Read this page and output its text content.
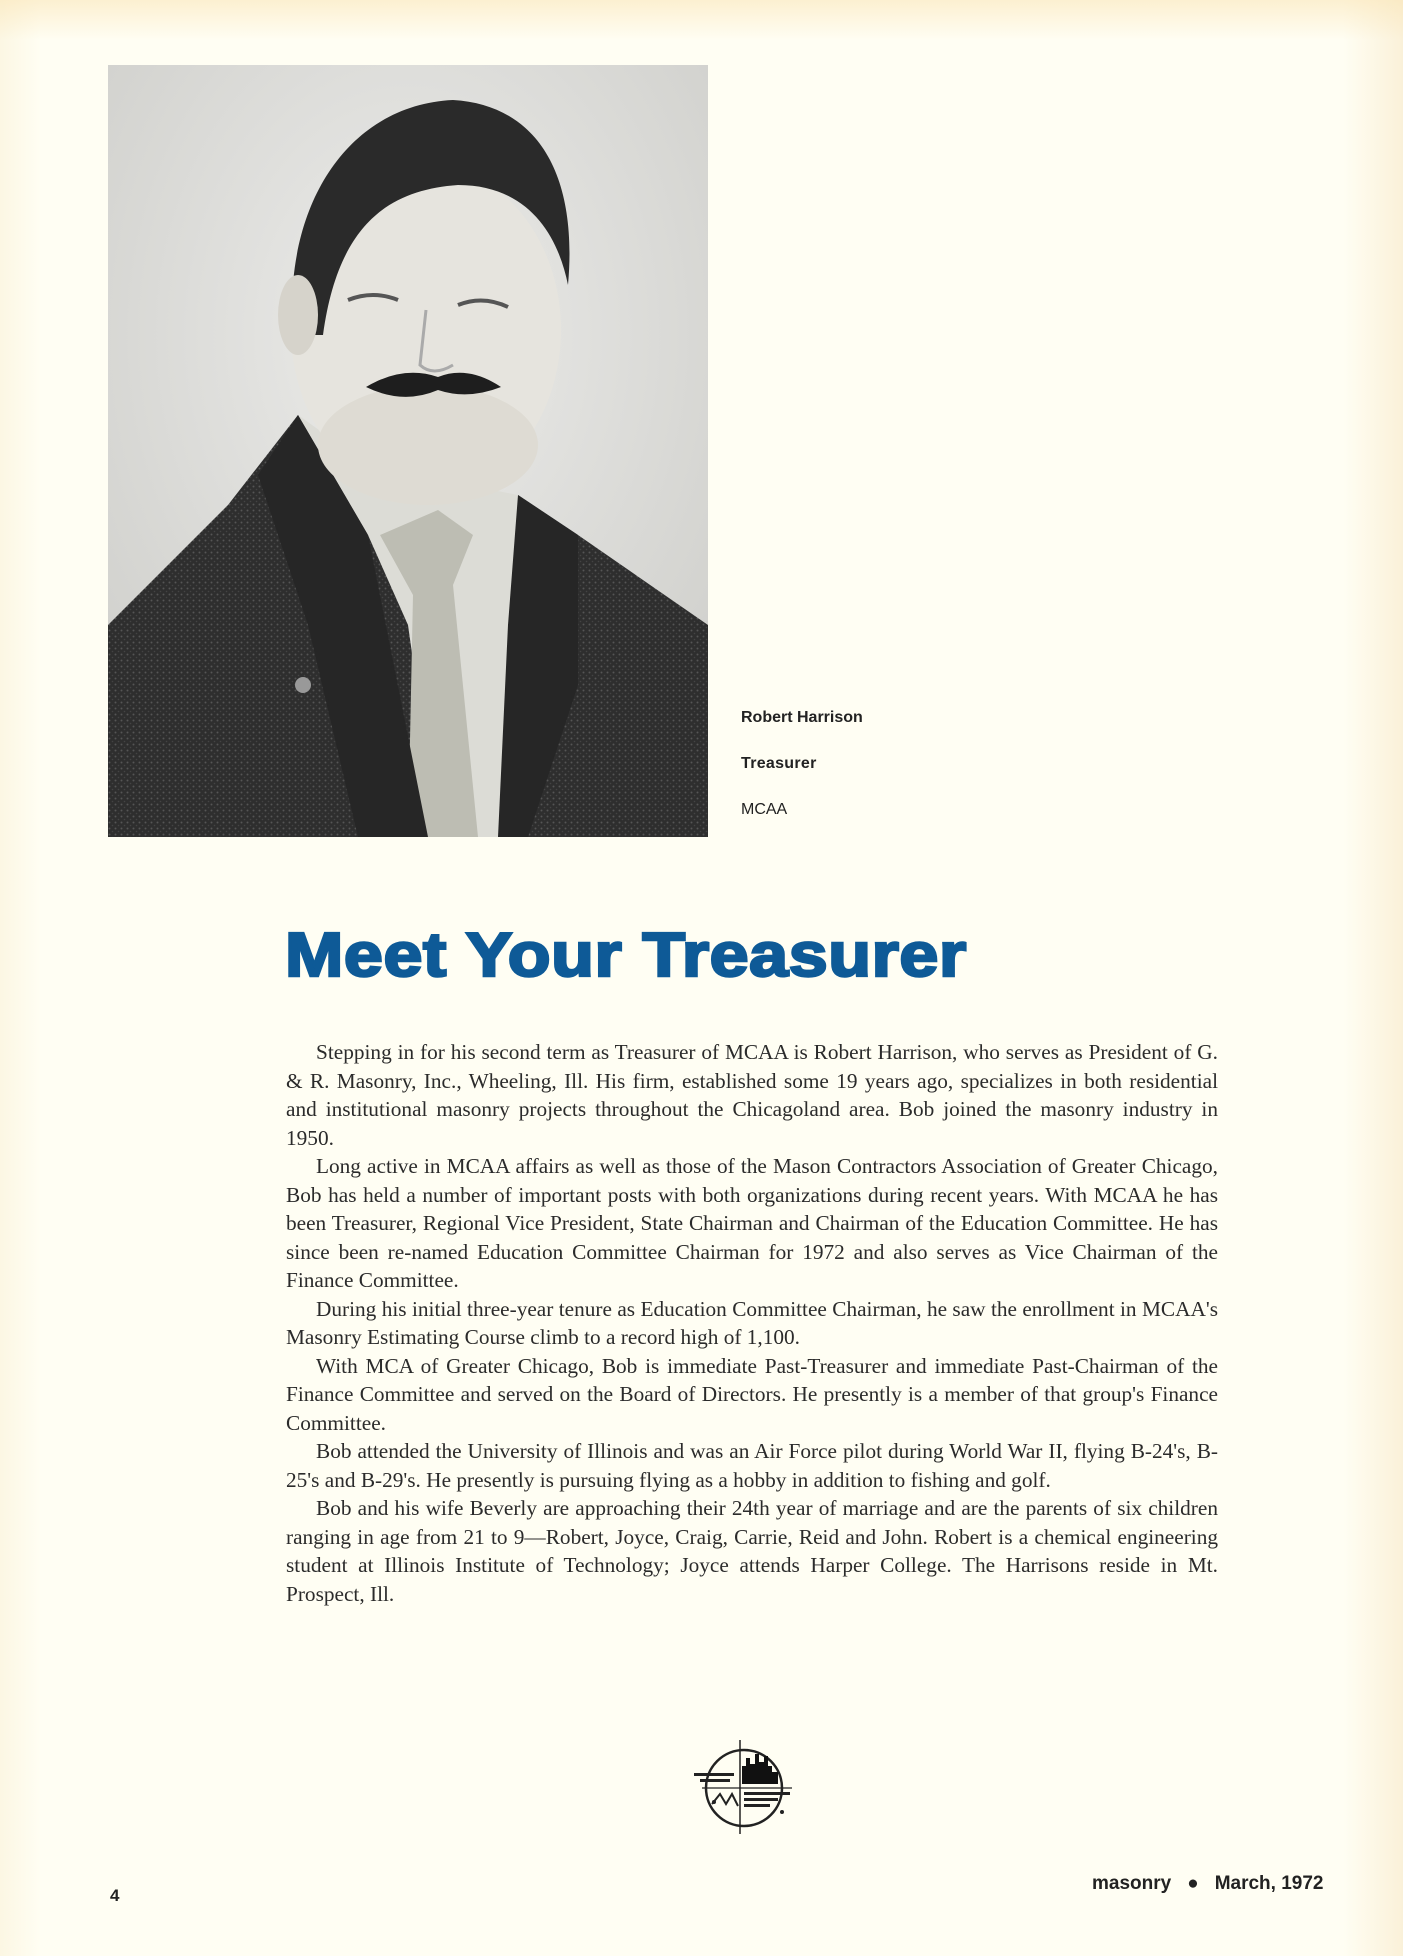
Robert Harrison
Treasurer
MCAA
Meet Your Treasurer

Stepping in for his second term as Treasurer of MCAA is Robert Harrison, who serves as President of G. & R. Masonry, Inc., Wheeling, Ill. His firm, established some 19 years ago, specializes in both residential and institutional masonry projects throughout the Chicagoland area. Bob joined the masonry industry in 1950.

Long active in MCAA affairs as well as those of the Mason Contractors Association of Greater Chicago, Bob has held a number of important posts with both organizations during recent years. With MCAA he has been Treasurer, Regional Vice President, State Chairman and Chairman of the Education Committee. He has since been re-named Education Committee Chairman for 1972 and also serves as Vice Chairman of the Finance Committee.

During his initial three-year tenure as Education Committee Chairman, he saw the enrollment in MCAA's Masonry Estimating Course climb to a record high of 1,100.

With MCA of Greater Chicago, Bob is immediate Past-Treasurer and immediate Past-Chairman of the Finance Committee and served on the Board of Directors. He presently is a member of that group's Finance Committee.

Bob attended the University of Illinois and was an Air Force pilot during World War II, flying B-24's, B-25's and B-29's. He presently is pursuing flying as a hobby in addition to fishing and golf.

Bob and his wife Beverly are approaching their 24th year of marriage and are the parents of six children ranging in age from 21 to 9—Robert, Joyce, Craig, Carrie, Reid and John. Robert is a chemical engineering student at Illinois Institute of Technology; Joyce attends Harper College. The Harrisons reside in Mt. Prospect, Ill.

4
masonry ● March, 1972
